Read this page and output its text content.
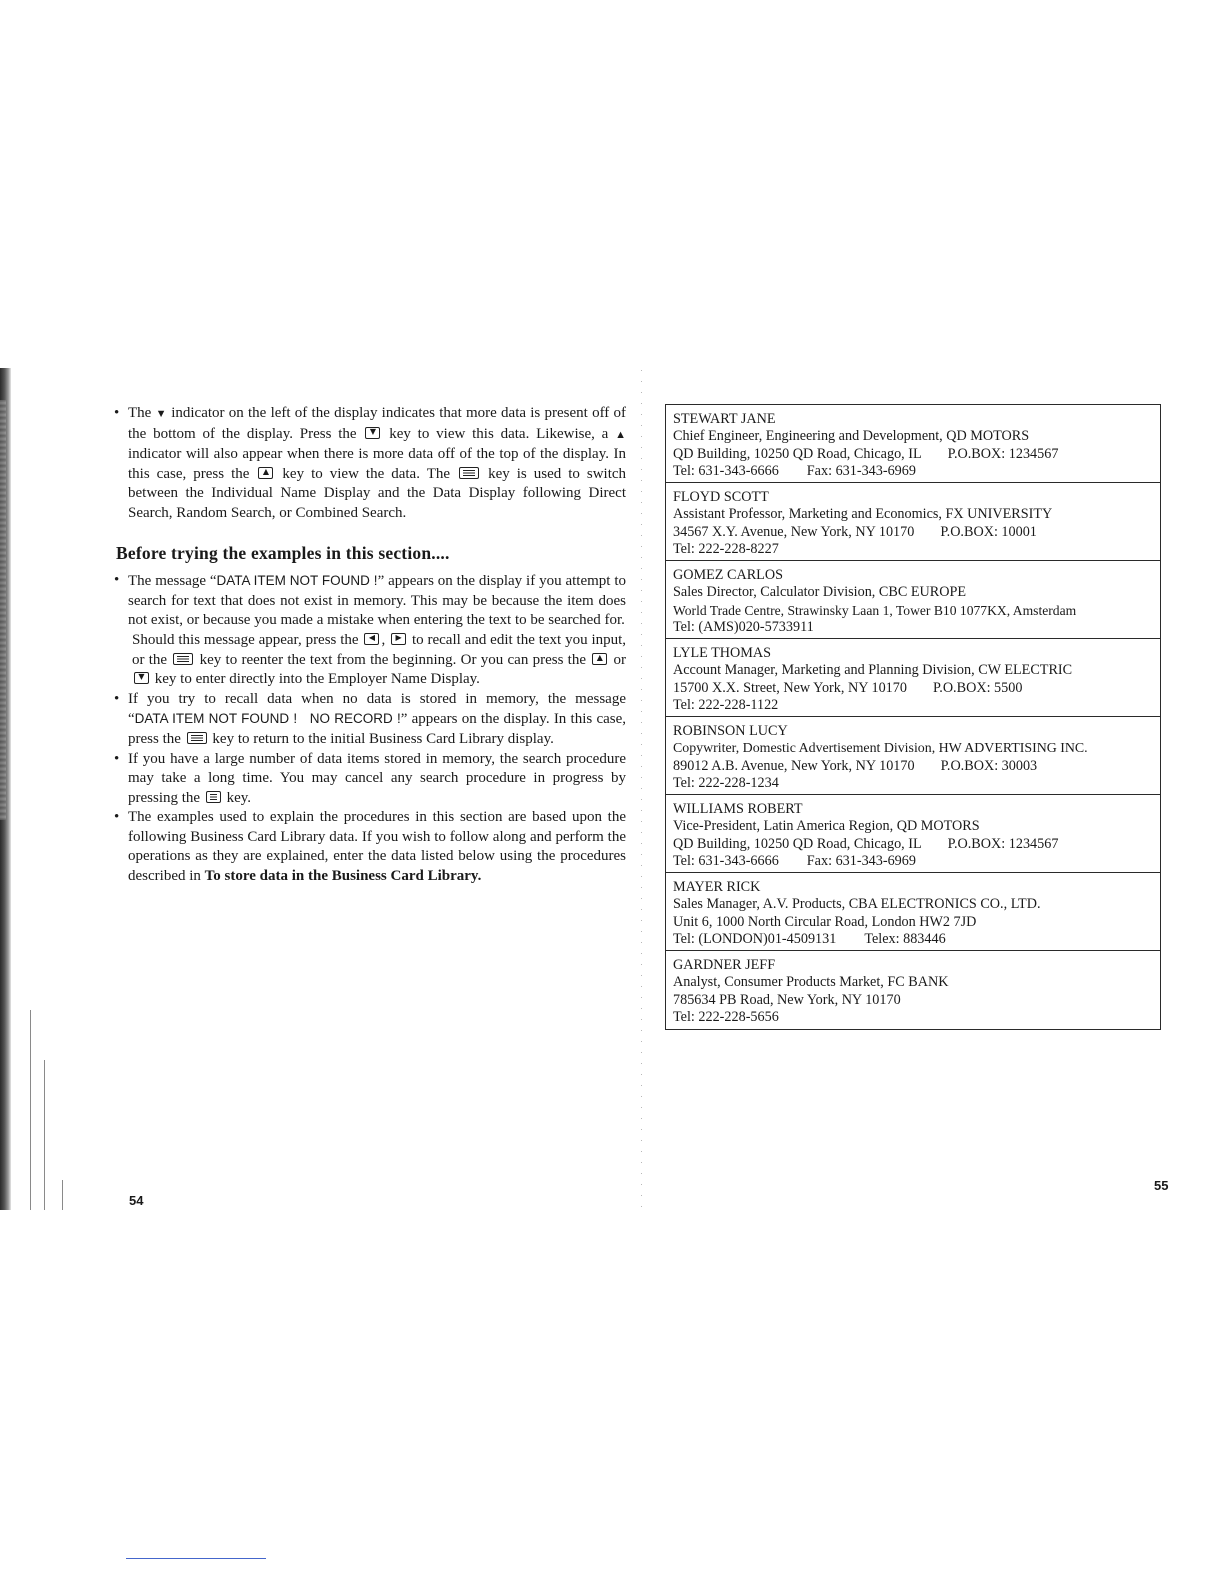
• The ▼ indicator on the left of the display indicates that more data is present off of the bottom of the display. Press the	▼ key to view this data. Likewise, a ▲ indicator will also appear when there is more data off of the top of the display. In this case, press the	▲ key to view the data. The	key is used to switch between the Individual Name Display and the Data Display following Direct Search, Random Search, or Combined Search.

Before trying the examples in this section....

• The message “DATA ITEM NOT FOUND !” appears on the display if you attempt to search for text that does not exist in memory. This may be because the item does not exist, or because you made a mistake when entering the text to be searched for.

Should this message appear, press the	◀ ,	▶ to recall and edit the text you input, or the key to reenter the text from the beginning. Or you can press the	▲ or
▼ key to enter directly into the Employer Name Display.

• If you try to recall data when no data is stored in memory, the message “DATA ITEM NOT FOUND !   NO RECORD !” appears on the display. In this case, press the key to return to the initial Business Card Library display.

• If you have a large number of data items stored in memory, the search procedure may take a long time. You may cancel any search procedure in progress by pressing the key.

• The examples used to explain the procedures in this section are based upon the following Business Card Library data. If you wish to follow along and perform the operations as they are explained, enter the data listed below using the procedures described in To store data in the Business Card Library.

54
STEWART JANE
Chief Engineer, Engineering and Development, QD MOTORS
QD Building, 10250 QD Road, Chicago, IL P.O.BOX: 1234567
Tel: 631-343-6666 Fax: 631-343-6969
FLOYD SCOTT
Assistant Professor, Marketing and Economics, FX UNIVERSITY
34567 X.Y. Avenue, New York, NY 10170 P.O.BOX: 10001
Tel: 222-228-8227
GOMEZ CARLOS
Sales Director, Calculator Division, CBC EUROPE
World Trade Centre, Strawinsky Laan 1, Tower B10 1077KX, Amsterdam
Tel: (AMS)020-5733911
LYLE THOMAS
Account Manager, Marketing and Planning Division, CW ELECTRIC
15700 X.X. Street, New York, NY 10170 P.O.BOX: 5500
Tel: 222-228-1122
ROBINSON LUCY
Copywriter, Domestic Advertisement Division, HW ADVERTISING INC.
89012 A.B. Avenue, New York, NY 10170 P.O.BOX: 30003
Tel: 222-228-1234
WILLIAMS ROBERT
Vice-President, Latin America Region, QD MOTORS
QD Building, 10250 QD Road, Chicago, IL P.O.BOX: 1234567
Tel: 631-343-6666 Fax: 631-343-6969
MAYER RICK
Sales Manager, A.V. Products, CBA ELECTRONICS CO., LTD.
Unit 6, 1000 North Circular Road, London HW2 7JD
Tel: (LONDON)01-4509131 Telex: 883446
GARDNER JEFF
Analyst, Consumer Products Market, FC BANK
785634 PB Road, New York, NY 10170
Tel: 222-228-5656
55
